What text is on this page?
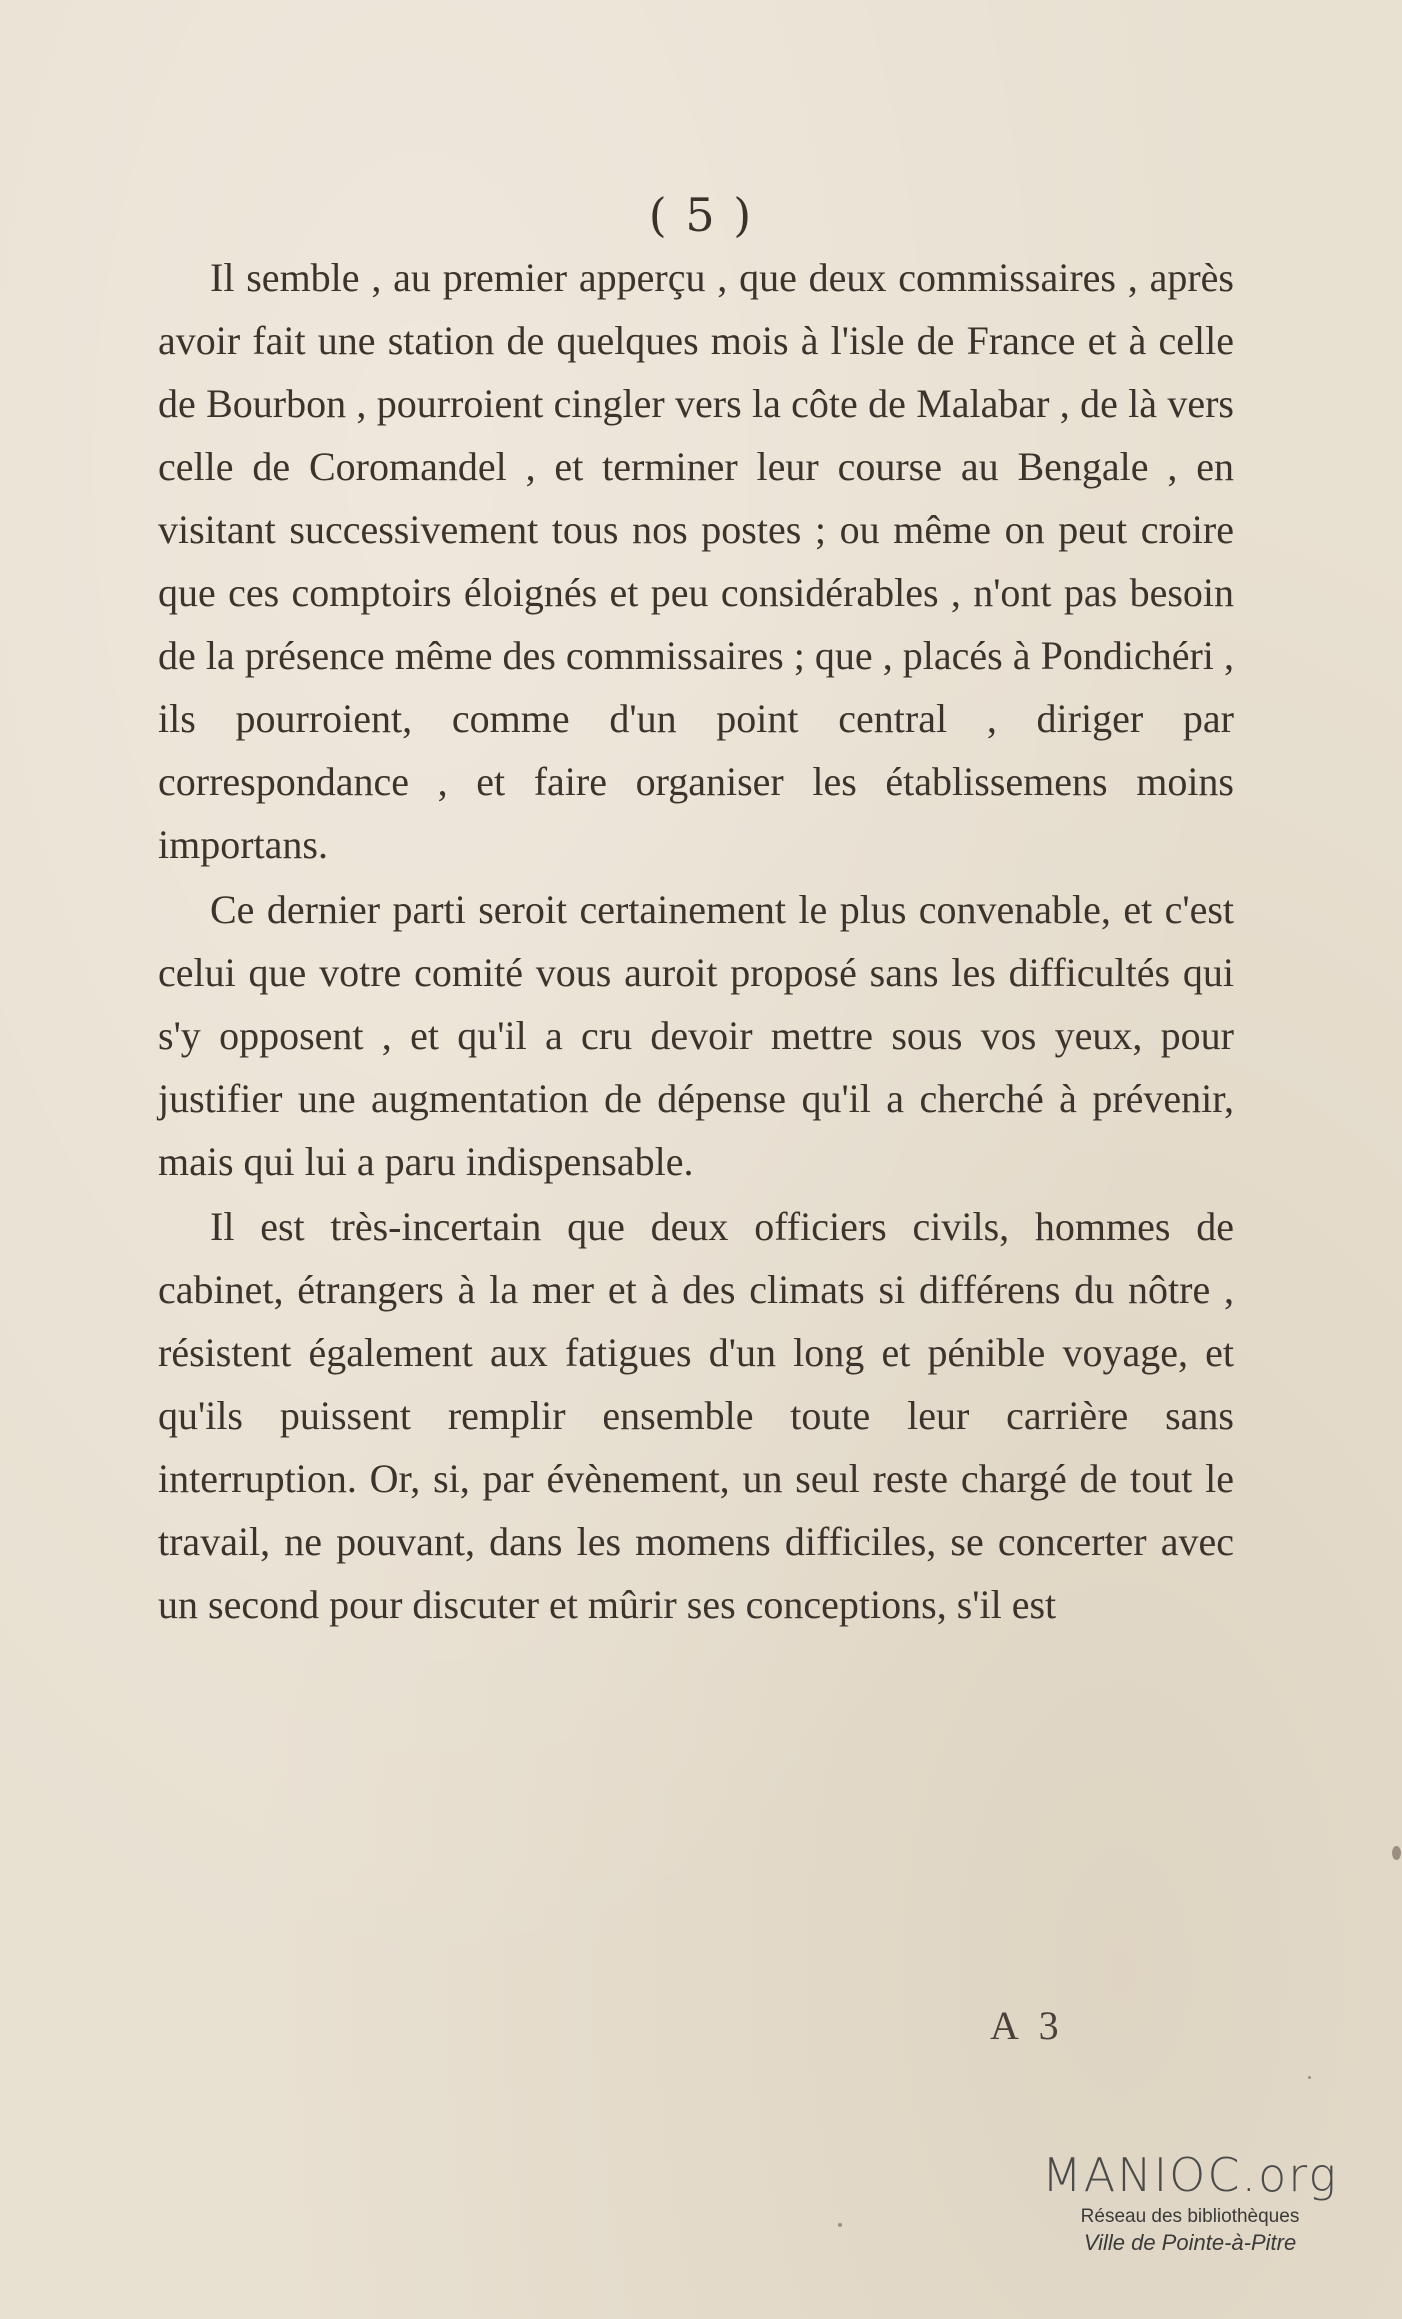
( 5 )

Il semble , au premier apperçu , que deux commissaires , après avoir fait une station de quelques mois à l'isle de France et à celle de Bourbon , pourroient cingler vers la côte de Malabar , de là vers celle de Coromandel , et terminer leur course au Bengale , en visitant successivement tous nos postes ; ou même on peut croire que ces comptoirs éloignés et peu considérables , n'ont pas besoin de la présence même des commissaires ; que , placés à Pondichéri , ils pourroient, comme d'un point central , diriger par correspondance , et faire organiser les établissemens moins importans.

Ce dernier parti seroit certainement le plus convenable, et c'est celui que votre comité vous auroit proposé sans les difficultés qui s'y opposent , et qu'il a cru devoir mettre sous vos yeux, pour justifier une augmentation de dépense qu'il a cherché à prévenir, mais qui lui a paru indispensable.

Il est très-incertain que deux officiers civils, hommes de cabinet, étrangers à la mer et à des climats si différens du nôtre , résistent également aux fatigues d'un long et pénible voyage, et qu'ils puissent remplir ensemble toute leur carrière sans interruption. Or, si, par évènement, un seul reste chargé de tout le travail, ne pouvant, dans les momens difficiles, se concerter avec un second pour discuter et mûrir ses conceptions, s'il est

A 3
MANIOC.org
Réseau des bibliothèques
Ville de Pointe-à-Pitre
